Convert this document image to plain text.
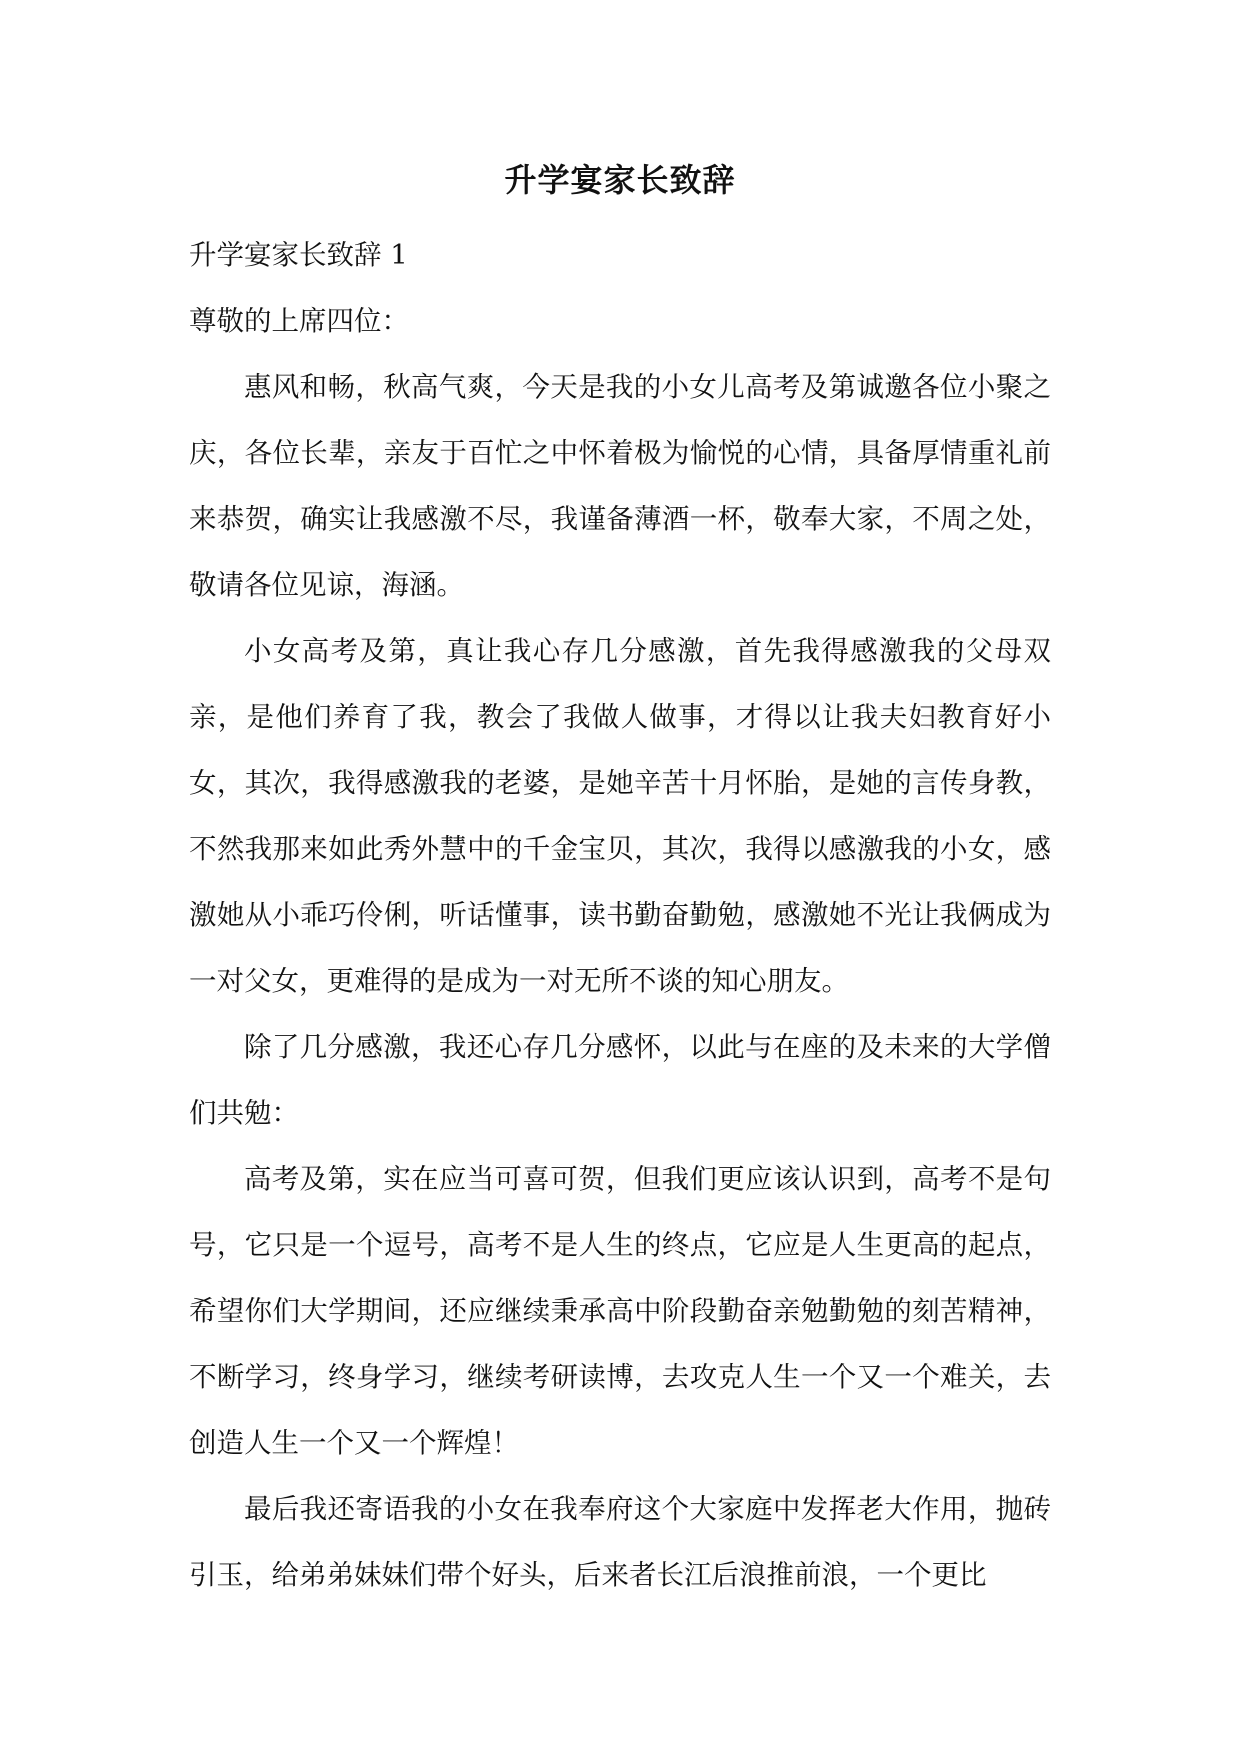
升学宴家长致辞

升学宴家长致辞 1

尊敬的上席四位：

惠风和畅，秋高气爽，今天是我的小女儿高考及第诚邀各位小聚之庆，各位长辈，亲友于百忙之中怀着极为愉悦的心情，具备厚情重礼前来恭贺，确实让我感激不尽，我谨备薄酒一杯，敬奉大家，不周之处，敬请各位见谅，海涵。

小女高考及第，真让我心存几分感激，首先我得感激我的父母双亲，是他们养育了我，教会了我做人做事，才得以让我夫妇教育好小女，其次，我得感激我的老婆，是她辛苦十月怀胎，是她的言传身教，不然我那来如此秀外慧中的千金宝贝，其次，我得以感激我的小女，感激她从小乖巧伶俐，听话懂事，读书勤奋勤勉，感激她不光让我俩成为一对父女，更难得的是成为一对无所不谈的知心朋友。

除了几分感激，我还心存几分感怀，以此与在座的及未来的大学僧们共勉：

高考及第，实在应当可喜可贺，但我们更应该认识到，高考不是句号，它只是一个逗号，高考不是人生的终点，它应是人生更高的起点，希望你们大学期间，还应继续秉承高中阶段勤奋亲勉勤勉的刻苦精神，不断学习，终身学习，继续考研读博，去攻克人生一个又一个难关，去创造人生一个又一个辉煌！

最后我还寄语我的小女在我奉府这个大家庭中发挥老大作用，抛砖引玉，给弟弟妹妹们带个好头，后来者长江后浪推前浪，一个更比
